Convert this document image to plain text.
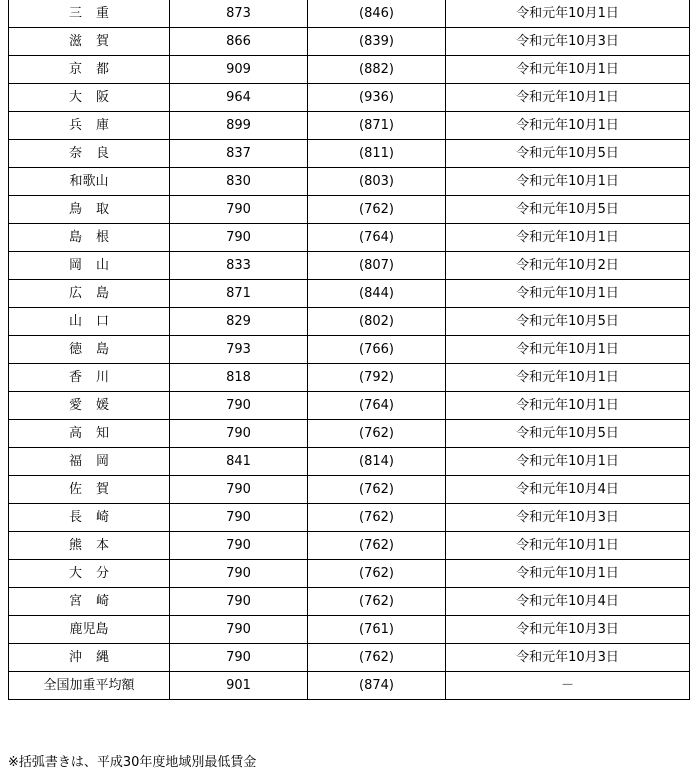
三重	873	(846)	令和元年10月1日
滋賀	866	(839)	令和元年10月3日
京都	909	(882)	令和元年10月1日
大阪	964	(936)	令和元年10月1日
兵庫	899	(871)	令和元年10月1日
奈良	837	(811)	令和元年10月5日
和歌山	830	(803)	令和元年10月1日
鳥取	790	(762)	令和元年10月5日
島根	790	(764)	令和元年10月1日
岡山	833	(807)	令和元年10月2日
広島	871	(844)	令和元年10月1日
山口	829	(802)	令和元年10月5日
徳島	793	(766)	令和元年10月1日
香川	818	(792)	令和元年10月1日
愛媛	790	(764)	令和元年10月1日
高知	790	(762)	令和元年10月5日
福岡	841	(814)	令和元年10月1日
佐賀	790	(762)	令和元年10月4日
長崎	790	(762)	令和元年10月3日
熊本	790	(762)	令和元年10月1日
大分	790	(762)	令和元年10月1日
宮崎	790	(762)	令和元年10月4日
鹿児島	790	(761)	令和元年10月3日
沖縄	790	(762)	令和元年10月3日
全国加重平均額	901	(874)	－
※括弧書きは、平成30年度地域別最低賃金
